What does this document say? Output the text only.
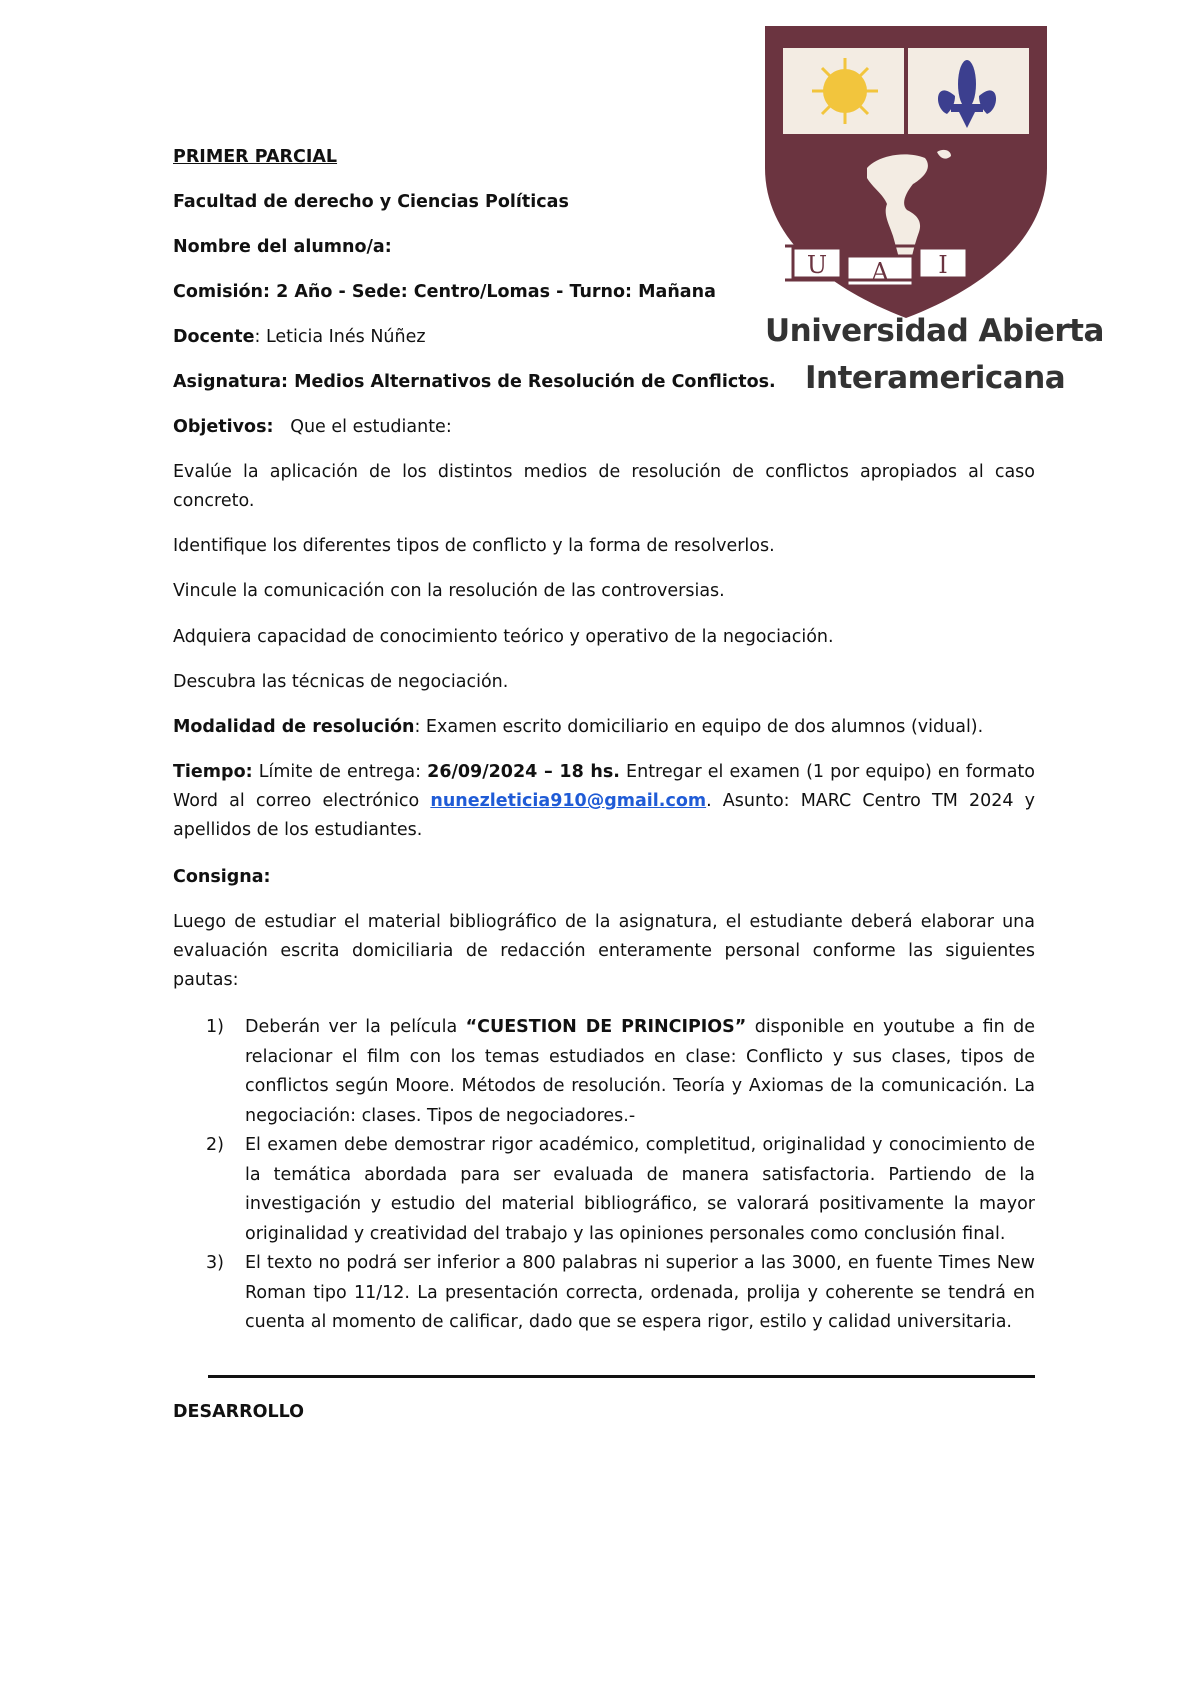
U A I
Universidad Abierta
Interamericana
PRIMER PARCIAL
Facultad de derecho y Ciencias Políticas
Nombre del alumno/a:
Comisión: 2 Año - Sede: Centro/Lomas - Turno: Mañana
Docente: Leticia Inés Núñez
Asignatura: Medios Alternativos de Resolución de Conflictos.
Objetivos: Que el estudiante:
Evalúe la aplicación de los distintos medios de resolución de conflictos apropiados al caso concreto.
Identifique los diferentes tipos de conflicto y la forma de resolverlos.
Vincule la comunicación con la resolución de las controversias.
Adquiera capacidad de conocimiento teórico y operativo de la negociación.
Descubra las técnicas de negociación.
Modalidad de resolución: Examen escrito domiciliario en equipo de dos alumnos (vidual).
Tiempo: Límite de entrega: 26/09/2024 – 18 hs. Entregar el examen (1 por equipo) en formato Word al correo electrónico nunezleticia910@gmail.com. Asunto: MARC Centro TM 2024 y apellidos de los estudiantes.
Consigna:
Luego de estudiar el material bibliográfico de la asignatura, el estudiante deberá elaborar una evaluación escrita domiciliaria de redacción enteramente personal conforme las siguientes pautas:
1)	Deberán ver la película “CUESTION DE PRINCIPIOS” disponible en youtube a fin de relacionar el film con los temas estudiados en clase: Conflicto y sus clases, tipos de conflictos según Moore. Métodos de resolución. Teoría y Axiomas de la comunicación. La negociación: clases. Tipos de negociadores.-
2)	El examen debe demostrar rigor académico, completitud, originalidad y conocimiento de la temática abordada para ser evaluada de manera satisfactoria. Partiendo de la investigación y estudio del material bibliográfico, se valorará positivamente la mayor originalidad y creatividad del trabajo y las opiniones personales como conclusión final.
3)	El texto no podrá ser inferior a 800 palabras ni superior a las 3000, en fuente Times New Roman tipo 11/12. La presentación correcta, ordenada, prolija y coherente se tendrá en cuenta al momento de calificar, dado que se espera rigor, estilo y calidad universitaria.
DESARROLLO
